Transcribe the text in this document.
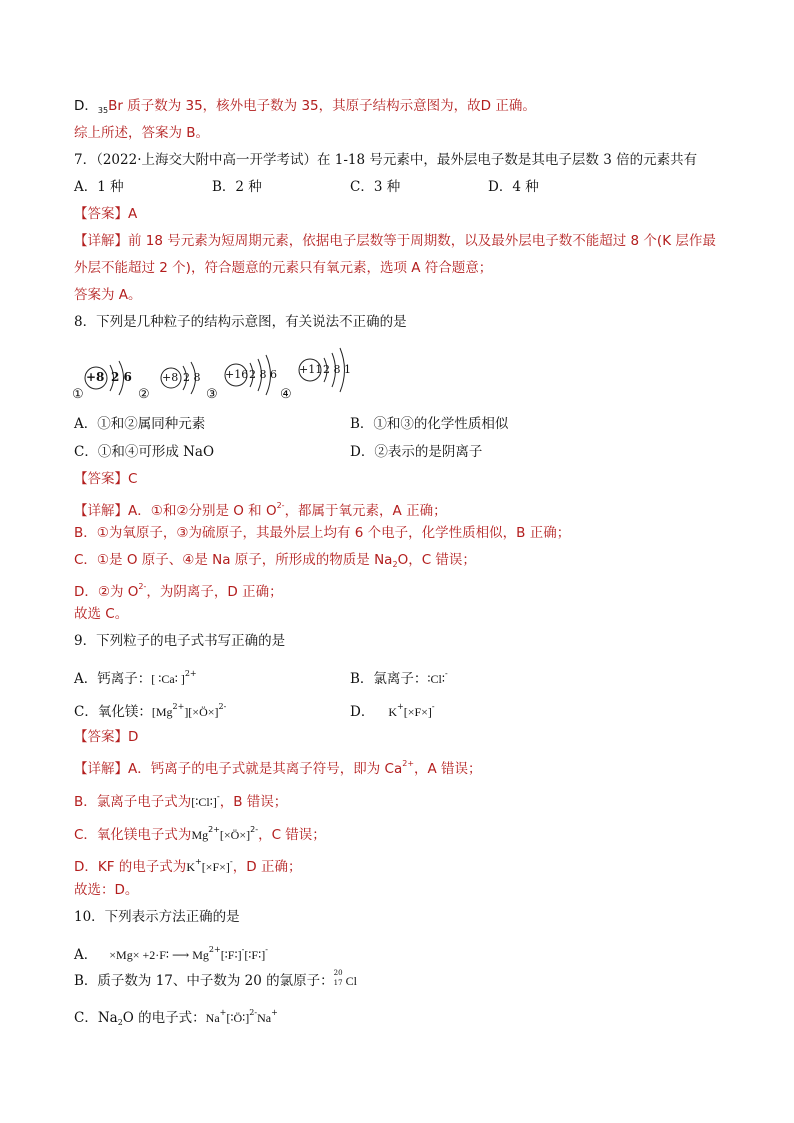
D．$_{35}$Br 质子数为 35，核外电子数为 35，其原子结构示意图为，故D 正确。
综上所述，答案为 B。
7．（2022·上海交大附中高一开学考试）在 1-18 号元素中，最外层电子数是其电子层数 3 倍的元素共有
A．1 种	B．2 种	C．3 种	D．4 种
【答案】A
【详解】前 18 号元素为短周期元素，依据电子层数等于周期数，以及最外层电子数不能超过 8 个(K 层作最
外层不能超过 2 个)，符合题意的元素只有氧元素，选项 A 符合题意；
答案为 A。
8．下列是几种粒子的结构示意图，有关说法不正确的是
+8 2 6
①
+8 2 8
②
+16 2 8 6
③
+11 2 8 1
④
A．①和②属同种元素	B．①和③的化学性质相似
C．①和④可形成 NaO	D．②表示的是阴离子
【答案】C
【详解】A．①和②分别是 O 和 $O^{2-}$，都属于氧元素，A 正确；
B．①为氧原子，③为硫原子，其最外层上均有 6 个电子，化学性质相似，B 正确；
C．①是 O 原子、④是 Na 原子，所形成的物质是 $Na_2O$，C 错误；
D．②为 $O^{2-}$，为阴离子，D 正确；
故选 C。
9．下列粒子的电子式书写正确的是
A．钙离子：[ ∶Ca∶ ]$^{2+}$	B．氯离子：∶Cl∶-
C．氧化镁：$[Mg^{2+}][\times Ö\times]^{2-}$	D． K+[×F×]-
【答案】D
【详解】A．钙离子的电子式就是其离子符号，即为 $Ca^{2+}$，A 错误；
B．氯离子电子式为[∶Cl∶]-，B 错误；
C．氧化镁电子式为$Mg^{2+}[\times Ö\times]^{2-}$，C 错误；
D．KF 的电子式为K+[×F×]-，D 正确；
故选：D。
10．下列表示方法正确的是
A． ×Mg× +2·F∶ ⟶ $Mg^{2+}[∶F∶]^-[∶F∶]^-$
B．质子数为 17、中子数为 20 的氯原子： 20
17 Cl
C．$Na_2O$ 的电子式：Na+[∶Ö∶]$^{2-}$Na+
